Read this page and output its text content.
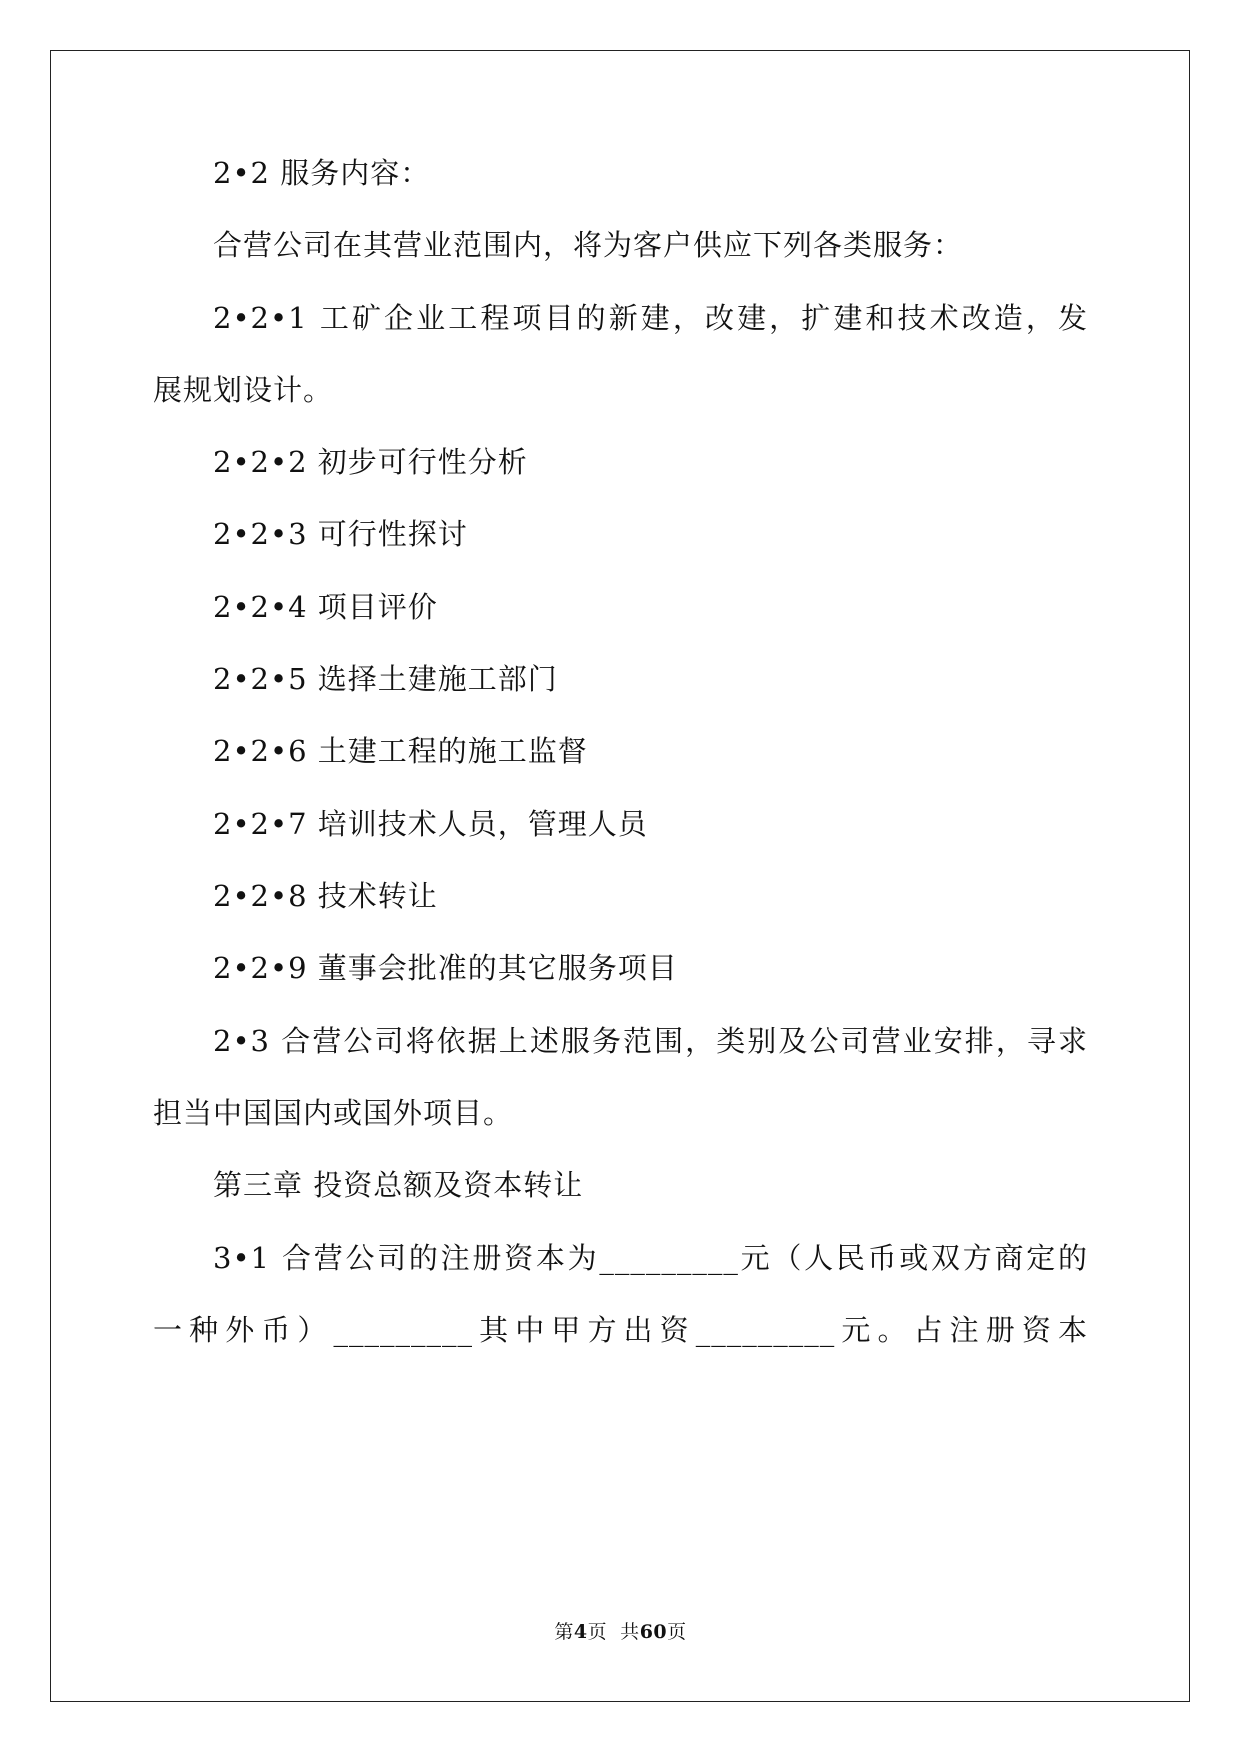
2•2 服务内容：
合营公司在其营业范围内，将为客户供应下列各类服务：
2•2•1 工矿企业工程项目的新建，改建，扩建和技术改造，发
展规划设计。
2•2•2 初步可行性分析
2•2•3 可行性探讨
2•2•4 项目评价
2•2•5 选择土建施工部门
2•2•6 土建工程的施工监督
2•2•7 培训技术人员，管理人员
2•2•8 技术转让
2•2•9 董事会批准的其它服务项目
2•3 合营公司将依据上述服务范围，类别及公司营业安排，寻求
担当中国国内或国外项目。
第三章 投资总额及资本转让
3•1 合营公司的注册资本为_________元（人民币或双方商定的
一种外币）_________其中甲方出资_________元。占注册资本
第4页  共60页
